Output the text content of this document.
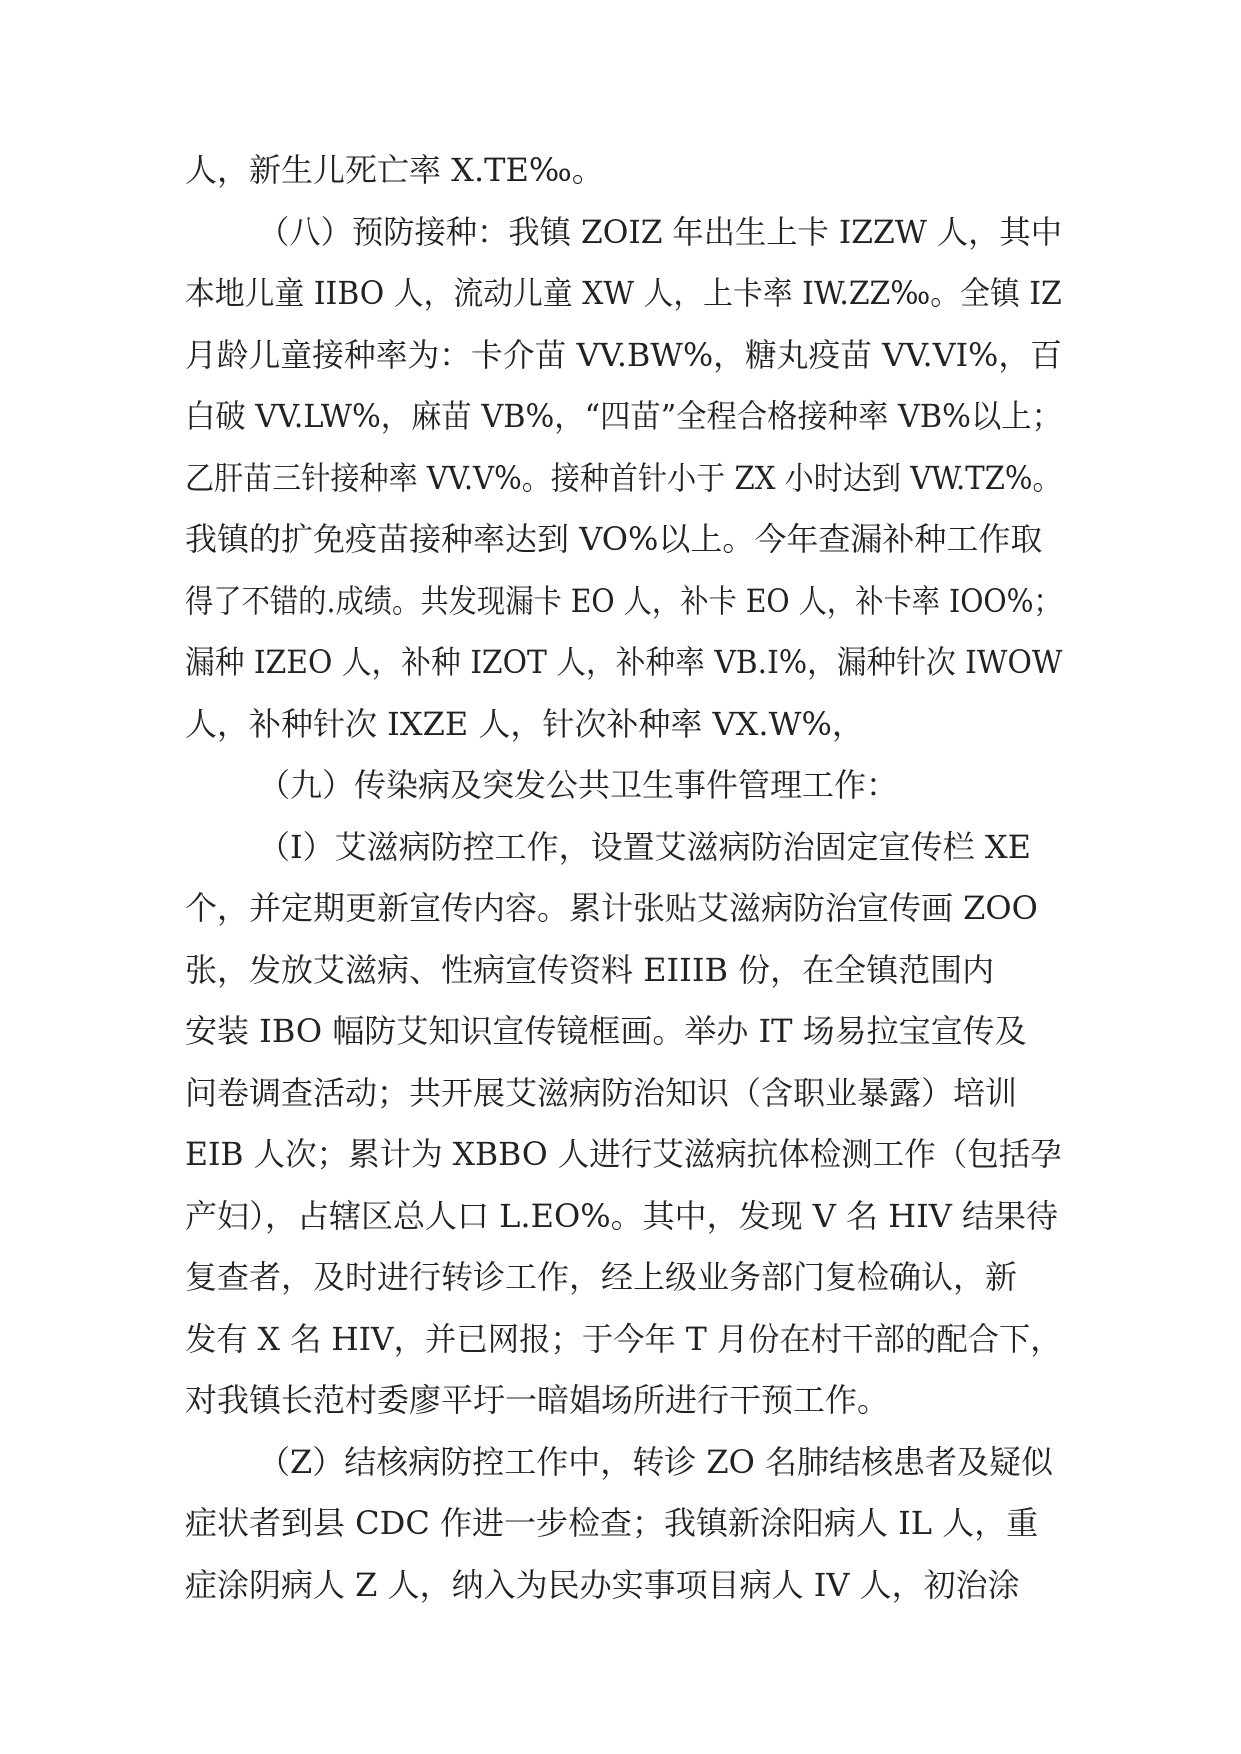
人，新生儿死亡率 X.TE‰。
（八）预防接种：我镇 ZOIZ 年出生上卡 IZZW 人，其中
本地儿童 IIBO 人，流动儿童 XW 人，上卡率 IW.ZZ‰。全镇 IZ
月龄儿童接种率为：卡介苗 VV.BW%，糖丸疫苗 VV.VI%，百
白破 VV.LW%，麻苗 VB%，“四苗”全程合格接种率 VB%以上；
乙肝苗三针接种率 VV.V%。接种首针小于 ZX 小时达到 VW.TZ%。
我镇的扩免疫苗接种率达到 VO%以上。今年查漏补种工作取
得了不错的.成绩。共发现漏卡 EO 人，补卡 EO 人，补卡率 IOO%；
漏种 IZEO 人，补种 IZOT 人，补种率 VB.I%，漏种针次 IWOW
人，补种针次 IXZE 人，针次补种率 VX.W%，
（九）传染病及突发公共卫生事件管理工作：
（I）艾滋病防控工作，设置艾滋病防治固定宣传栏 XE
个，并定期更新宣传内容。累计张贴艾滋病防治宣传画 ZOO
张，发放艾滋病、性病宣传资料 EIIIB 份，在全镇范围内
安装 IBO 幅防艾知识宣传镜框画。举办 IT 场易拉宝宣传及
问卷调查活动；共开展艾滋病防治知识（含职业暴露）培训
EIB 人次；累计为 XBBO 人进行艾滋病抗体检测工作（包括孕
产妇），占辖区总人口 L.EO%。其中，发现 V 名 HIV 结果待
复查者，及时进行转诊工作，经上级业务部门复检确认，新
发有 X 名 HIV，并已网报；于今年 T 月份在村干部的配合下，
对我镇长范村委廖平圩一暗娼场所进行干预工作。
（Z）结核病防控工作中，转诊 ZO 名肺结核患者及疑似
症状者到县 CDC 作进一步检查；我镇新涂阳病人 IL 人，重
症涂阴病人 Z 人，纳入为民办实事项目病人 IV 人，初治涂
